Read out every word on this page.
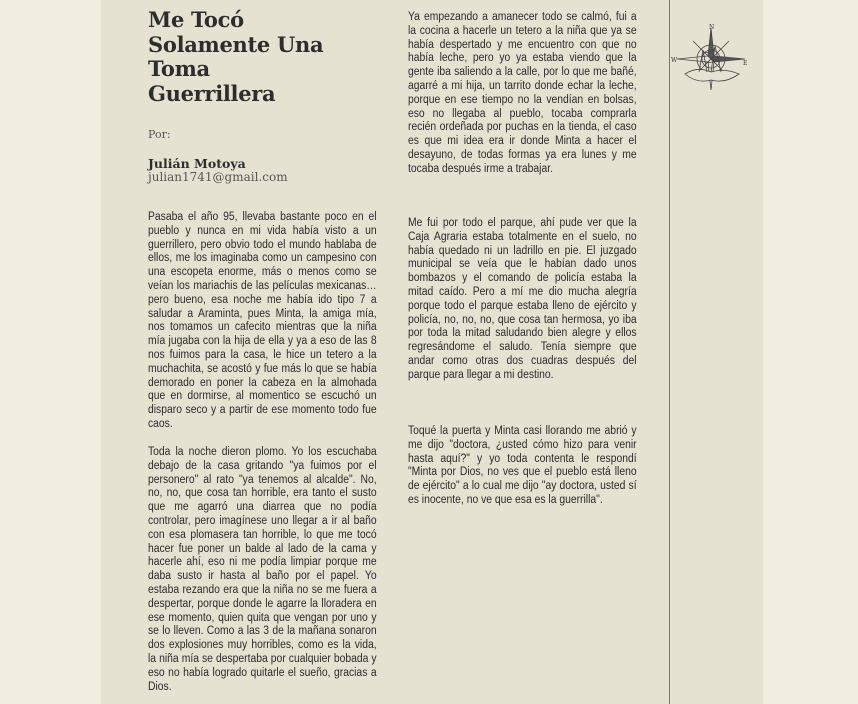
Me Tocó
Solamente Una
Toma
Guerrillera
Por:
Julián Motoya
julian1741@gmail.com

Pasaba el año 95, llevaba bastante poco en el pueblo y nunca en mi vida había visto a un guerrillero, pero obvio todo el mundo hablaba de ellos, me los imaginaba como un campesino con una escopeta enorme, más o menos como se veían los mariachis de las películas mexicanas… pero bueno, esa noche me había ido tipo 7 a saludar a Araminta, pues Minta, la amiga mía, nos tomamos un cafecito mientras que la niña mía jugaba con la hija de ella y ya a eso de las 8 nos fuimos para la casa, le hice un tetero a la muchachita, se acostó y fue más lo que se había demorado en poner la cabeza en la almohada que en dormirse, al momentico se escuchó un disparo seco y a partir de ese momento todo fue caos.

Toda la noche dieron plomo. Yo los escuchaba debajo de la casa gritando "ya fuimos por el personero" al rato "ya tenemos al alcalde". No, no, no, que cosa tan horrible, era tanto el susto que me agarró una diarrea que no podía controlar, pero imagínese uno llegar a ir al baño con esa plomasera tan horrible, lo que me tocó hacer fue poner un balde al lado de la cama y hacerle ahí, eso ni me podía limpiar porque me daba susto ir hasta al baño por el papel. Yo estaba rezando era que la niña no se me fuera a despertar, porque donde le agarre la lloradera en ese momento, quien quita que vengan por uno y se lo lleven. Como a las 3 de la mañana sonaron dos explosiones muy horribles, como es la vida, la niña mía se despertaba por cualquier bobada y eso no había logrado quitarle el sueño, gracias a Dios.

Ya empezando a amanecer todo se calmó, fui a la cocina a hacerle un tetero a la niña que ya se había despertado y me encuentro con que no había leche, pero yo ya estaba viendo que la gente iba saliendo a la calle, por lo que me bañé, agarré a mi hija, un tarrito donde echar la leche, porque en ese tiempo no la vendían en bolsas, eso no llegaba al pueblo, tocaba comprarla recién ordeñada por puchas en la tienda, el caso es que mi idea era ir donde Minta a hacer el desayuno, de todas formas ya era lunes y me tocaba después irme a trabajar.

Me fui por todo el parque, ahí pude ver que la Caja Agraria estaba totalmente en el suelo, no había quedado ni un ladrillo en pie. El juzgado municipal se veía que le habían dado unos bombazos y el comando de policía estaba la mitad caído. Pero a mí me dio mucha alegría porque todo el parque estaba lleno de ejército y policía, no, no, no, que cosa tan hermosa, yo iba por toda la mitad saludando bien alegre y ellos regresándome el saludo. Tenía siempre que andar como otras dos cuadras después del parque para llegar a mi destino.

Toqué la puerta y Minta casi llorando me abrió y me dijo "doctora, ¿usted cómo hizo para venir hasta aquí?" y yo toda contenta le respondí "Minta por Dios, no ves que el pueblo está lleno de ejército" a lo cual me dijo "ay doctora, usted sí es inocente, no ve que esa es la guerrilla".

N
W	E
